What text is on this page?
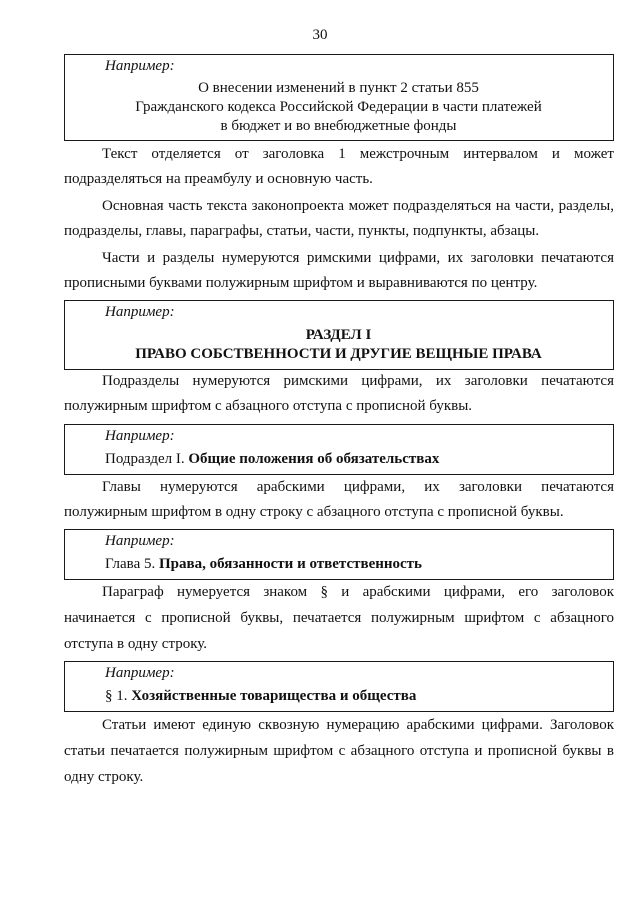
30
Например:
О внесении изменений в пункт 2 статьи 855
Гражданского кодекса Российской Федерации в части платежей
в бюджет и во внебюджетные фонды
Текст отделяется от заголовка 1 межстрочным интервалом и может
подразделяться на преамбулу и основную часть.
Основная часть текста законопроекта может подразделяться на части, разделы,
подразделы, главы, параграфы, статьи, части, пункты, подпункты, абзацы.
Части и разделы нумеруются римскими цифрами, их заголовки печатаются
прописными буквами полужирным шрифтом и выравниваются по центру.
Например:
РАЗДЕЛ I
ПРАВО СОБСТВЕННОСТИ И ДРУГИЕ ВЕЩНЫЕ ПРАВА
Подразделы нумеруются римскими цифрами, их заголовки печатаются
полужирным шрифтом с абзацного отступа с прописной буквы.
Например:
Подраздел I. Общие положения об обязательствах
Главы нумеруются арабскими цифрами, их заголовки печатаются
полужирным шрифтом в одну строку с абзацного отступа с прописной буквы.
Например:
Глава 5. Права, обязанности и ответственность
Параграф нумеруется знаком § и арабскими цифрами, его заголовок
начинается с прописной буквы, печатается полужирным шрифтом с абзацного
отступа в одну строку.
Например:
§ 1. Хозяйственные товарищества и общества
Статьи имеют единую сквозную нумерацию арабскими цифрами. Заголовок
статьи печатается полужирным шрифтом с абзацного отступа и прописной буквы в
одну строку.
